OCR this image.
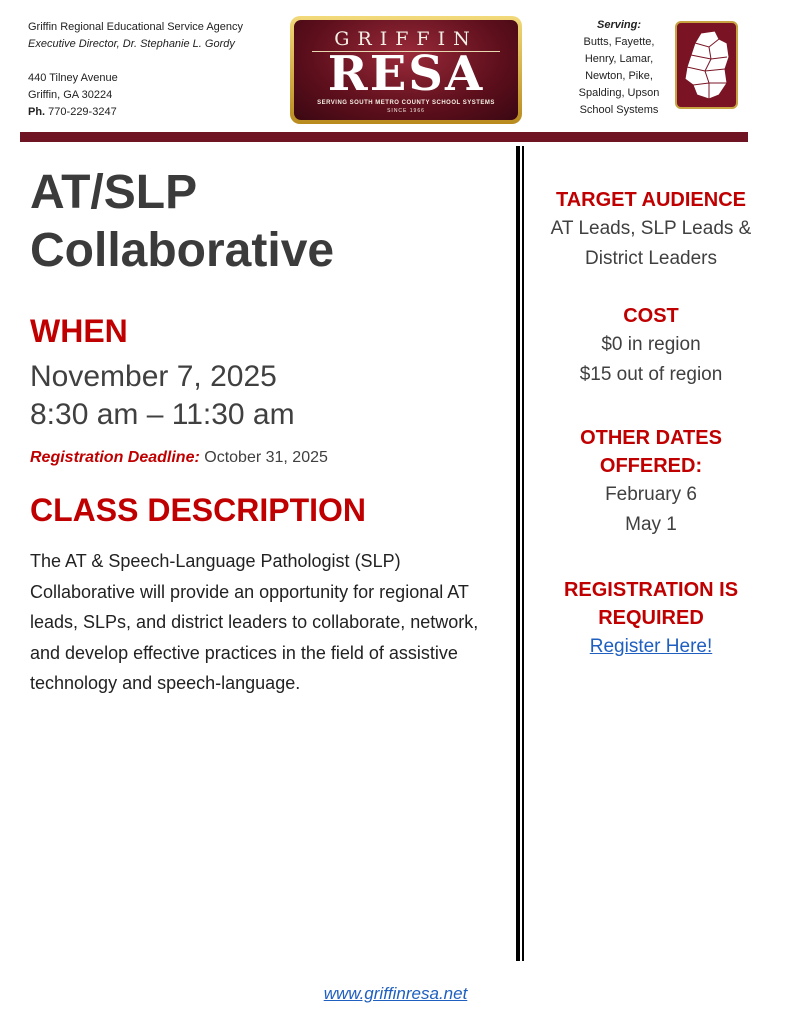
Griffin Regional Educational Service Agency
Executive Director, Dr. Stephanie L. Gordy
440 Tilney Avenue
Griffin, GA 30224
Ph. 770-229-3247
GRIFFIN
RESA
SERVING SOUTH METRO COUNTY SCHOOL SYSTEMS
SINCE 1966
Serving:
Butts, Fayette,
Henry, Lamar,
Newton, Pike,
Spalding, Upson
School Systems
AT/SLP
Collaborative
WHEN
November 7, 2025
8:30 am – 11:30 am
Registration Deadline: October 31, 2025
CLASS DESCRIPTION
The AT & Speech-Language Pathologist (SLP) Collaborative will provide an opportunity for regional AT leads, SLPs, and district leaders to collaborate, network, and develop effective practices in the field of assistive technology and speech-language.
TARGET AUDIENCE
AT Leads, SLP Leads & District Leaders
COST
$0 in region
$15 out of region
OTHER DATES OFFERED:
February 6
May 1
REGISTRATION IS REQUIRED
Register Here!
www.griffinresa.net
